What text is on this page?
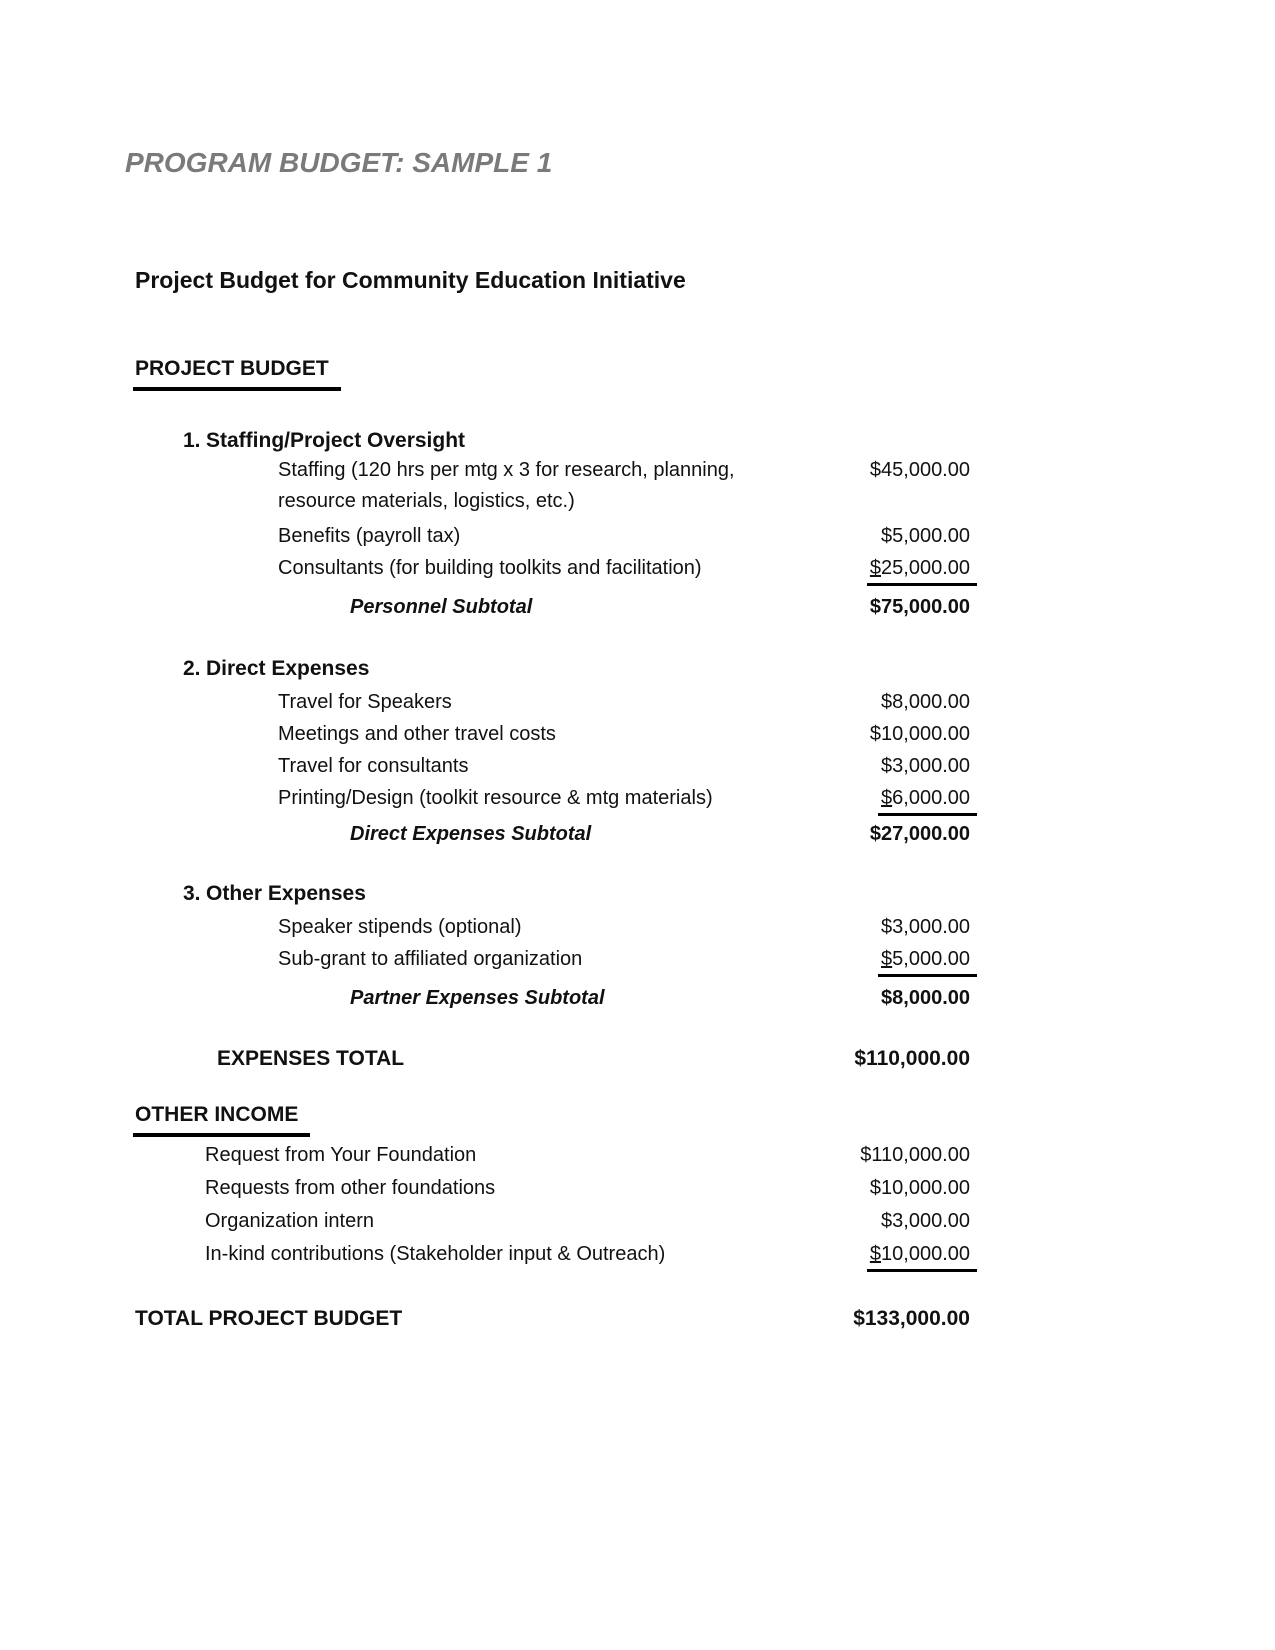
PROGRAM BUDGET: SAMPLE 1
Project Budget for Community Education Initiative
PROJECT BUDGET
1. Staffing/Project Oversight
Staffing (120 hrs per mtg x 3 for research, planning,
resource materials, logistics, etc.)
$45,000.00
Benefits (payroll tax)	$5,000.00
Consultants (for building toolkits and facilitation)	$25,000.00
Personnel Subtotal	$75,000.00
2. Direct Expenses
Travel for Speakers	$8,000.00
Meetings and other travel costs	$10,000.00
Travel for consultants	$3,000.00
Printing/Design (toolkit resource & mtg materials)	$6,000.00
Direct Expenses Subtotal	$27,000.00
3. Other Expenses
Speaker stipends (optional)	$3,000.00
Sub-grant to affiliated organization	$5,000.00
Partner Expenses Subtotal	$8,000.00
EXPENSES TOTAL	$110,000.00
OTHER INCOME
Request from Your Foundation	$110,000.00
Requests from other foundations	$10,000.00
Organization intern	$3,000.00
In-kind contributions (Stakeholder input & Outreach)	$10,000.00
TOTAL PROJECT BUDGET	$133,000.00
